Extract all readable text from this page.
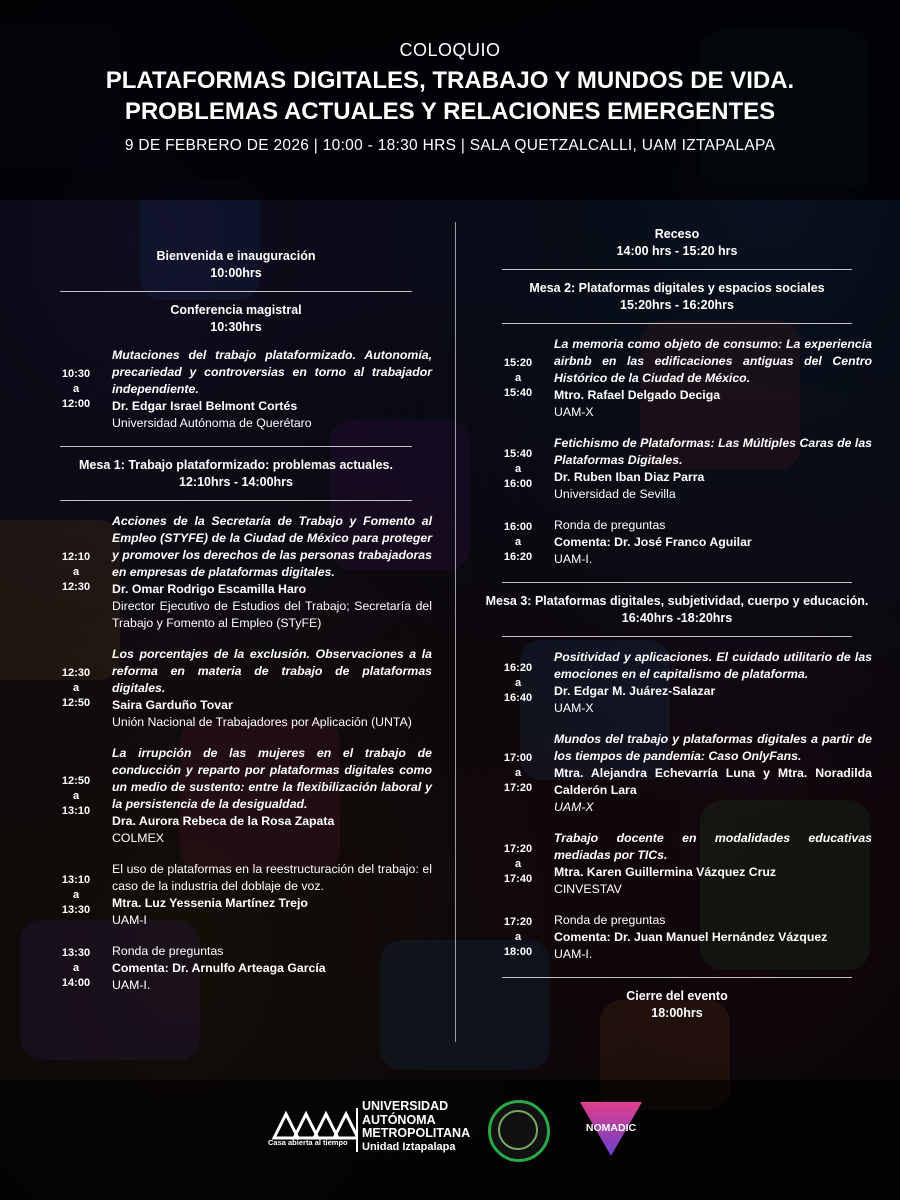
COLOQUIO
PLATAFORMAS DIGITALES, TRABAJO Y MUNDOS DE VIDA.
PROBLEMAS ACTUALES Y RELACIONES EMERGENTES
9 DE FEBRERO DE 2026 | 10:00 - 18:30 HRS | SALA QUETZALCALLI, UAM IZTAPALAPA
Bienvenida e inauguración
10:00hrs
Conferencia magistral
10:30hrs
10:30
a
12:00
Mutaciones del trabajo plataformizado. Autonomía, precariedad y controversias en torno al trabajador independiente.
Dr. Edgar Israel Belmont Cortés
Universidad Autónoma de Querétaro
Mesa 1: Trabajo plataformizado: problemas actuales.
12:10hrs - 14:00hrs
12:10
a
12:30
Acciones de la Secretaría de Trabajo y Fomento al Empleo (STYFE) de la Ciudad de México para proteger y promover los derechos de las personas trabajadoras en empresas de plataformas digitales.
Dr. Omar Rodrigo Escamilla Haro
Director Ejecutivo de Estudios del Trabajo; Secretaría del Trabajo y Fomento al Empleo (STyFE)
12:30
a
12:50
Los porcentajes de la exclusión. Observaciones a la reforma en materia de trabajo de plataformas digitales.
Saira Garduño Tovar
Unión Nacional de Trabajadores por Aplicación (UNTA)
12:50
a
13:10
La irrupción de las mujeres en el trabajo de conducción y reparto por plataformas digitales como un medio de sustento: entre la flexibilización laboral y la persistencia de la desigualdad.
Dra. Aurora Rebeca de la Rosa Zapata
COLMEX
13:10
a
13:30
El uso de plataformas en la reestructuración del trabajo: el caso de la industria del doblaje de voz.
Mtra. Luz Yessenia Martínez Trejo
UAM-I
13:30
a
14:00
Ronda de preguntas
Comenta: Dr. Arnulfo Arteaga García
UAM-I.
Receso
14:00 hrs - 15:20 hrs
Mesa 2: Plataformas digitales y espacios sociales
15:20hrs - 16:20hrs
15:20
a
15:40
La memoria como objeto de consumo: La experiencia airbnb en las edificaciones antiguas del Centro Histórico de la Ciudad de México.
Mtro. Rafael Delgado Deciga
UAM-X
15:40
a
16:00
Fetichismo de Plataformas: Las Múltiples Caras de las Plataformas Digitales.
Dr. Ruben Iban Diaz Parra
Universidad de Sevilla
16:00
a
16:20
Ronda de preguntas
Comenta: Dr. José Franco Aguilar
UAM-I.
Mesa 3: Plataformas digitales, subjetividad, cuerpo y educación.
16:40hrs -18:20hrs
16:20
a
16:40
Positividad y aplicaciones. El cuidado utilitario de las emociones en el capitalismo de plataforma.
Dr. Edgar M. Juárez-Salazar
UAM-X
17:00
a
17:20
Mundos del trabajo y plataformas digitales a partir de los tiempos de pandemia: Caso OnlyFans.
Mtra. Alejandra Echevarría Luna y Mtra. Noradilda Calderón Lara
UAM-X
17:20
a
17:40
Trabajo docente en modalidades educativas mediadas por TICs.
Mtra. Karen Guillermina Vázquez Cruz
CINVESTAV
17:20
a
18:00
Ronda de preguntas
Comenta: Dr. Juan Manuel Hernández Vázquez
UAM-I.
Cierre del evento
18:00hrs
Casa abierta al tiempo
UNIVERSIDAD
AUTÓNOMA
METROPOLITANA
Unidad Iztapalapa
NOMADIC
